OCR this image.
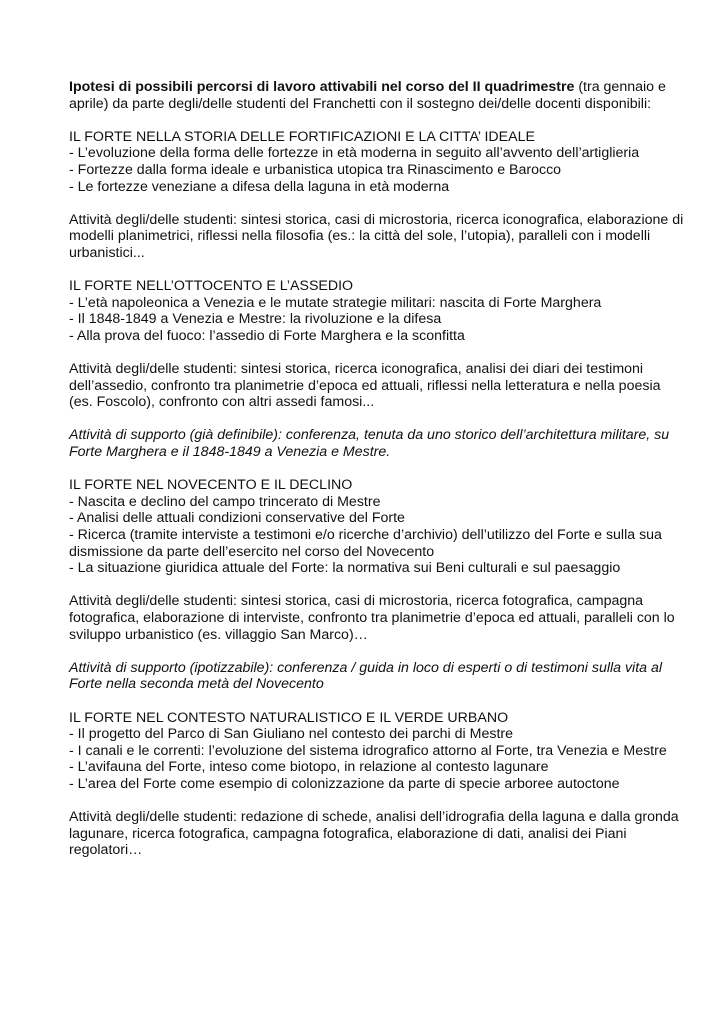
Ipotesi di possibili percorsi di lavoro attivabili nel corso del II quadrimestre (tra gennaio e aprile) da parte degli/delle studenti del Franchetti con il sostegno dei/delle docenti disponibili:

IL FORTE NELLA STORIA DELLE FORTIFICAZIONI E LA CITTA’ IDEALE

- L’evoluzione della forma delle fortezze in età moderna in seguito all’avvento dell’artiglieria

- Fortezze dalla forma ideale e urbanistica utopica tra Rinascimento e Barocco

- Le fortezze veneziane a difesa della laguna in età moderna

Attività degli/delle studenti: sintesi storica, casi di microstoria, ricerca iconografica, elaborazione di modelli planimetrici, riflessi nella filosofia (es.: la città del sole, l’utopia), paralleli con i modelli urbanistici...

IL FORTE NELL’OTTOCENTO E L’ASSEDIO

- L’età napoleonica a Venezia e le mutate strategie militari: nascita di Forte Marghera

- Il 1848-1849 a Venezia e Mestre: la rivoluzione e la difesa

- Alla prova del fuoco: l’assedio di Forte Marghera e la sconfitta

Attività degli/delle studenti: sintesi storica, ricerca iconografica, analisi dei diari dei testimoni dell’assedio, confronto tra planimetrie d’epoca ed attuali, riflessi nella letteratura e nella poesia (es. Foscolo), confronto con altri assedi famosi...

Attività di supporto (già definibile): conferenza, tenuta da uno storico dell’architettura militare, su Forte Marghera e il 1848-1849 a Venezia e Mestre.

IL FORTE NEL NOVECENTO E IL DECLINO

- Nascita e declino del campo trincerato di Mestre

- Analisi delle attuali condizioni conservative del Forte

- Ricerca (tramite interviste a testimoni e/o ricerche d’archivio) dell’utilizzo del Forte e sulla sua dismissione da parte dell’esercito nel corso del Novecento

- La situazione giuridica attuale del Forte: la normativa sui Beni culturali e sul paesaggio

Attività degli/delle studenti: sintesi storica, casi di microstoria, ricerca fotografica, campagna fotografica, elaborazione di interviste, confronto tra planimetrie d’epoca ed attuali, paralleli con lo sviluppo urbanistico (es. villaggio San Marco)…

Attività di supporto (ipotizzabile): conferenza / guida in loco di esperti o di testimoni sulla vita al Forte nella seconda metà del Novecento

IL FORTE NEL CONTESTO NATURALISTICO E IL VERDE URBANO

- Il progetto del Parco di San Giuliano nel contesto dei parchi di Mestre

- I canali e le correnti: l’evoluzione del sistema idrografico attorno al Forte, tra Venezia e Mestre

- L’avifauna del Forte, inteso come biotopo, in relazione al contesto lagunare

- L’area del Forte come esempio di colonizzazione da parte di specie arboree autoctone

Attività degli/delle studenti: redazione di schede, analisi dell’idrografia della laguna e dalla gronda lagunare, ricerca fotografica, campagna fotografica, elaborazione di dati, analisi dei Piani regolatori…
